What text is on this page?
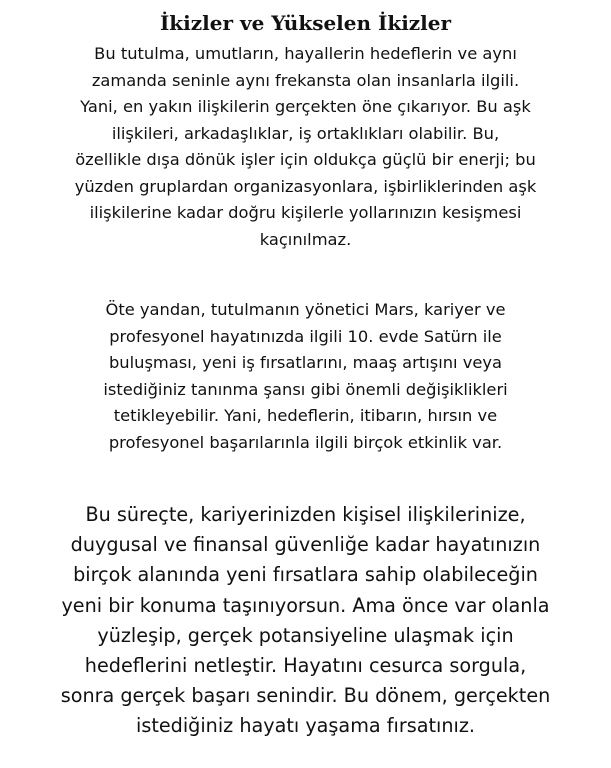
İkizler ve Yükselen İkizler
Bu tutulma, umutların, hayallerin hedeflerin ve aynı
zamanda seninle aynı frekansta olan insanlarla ilgili.
Yani, en yakın ilişkilerin gerçekten öne çıkarıyor. Bu aşk
ilişkileri, arkadaşlıklar, iş ortaklıkları olabilir. Bu,
özellikle dışa dönük işler için oldukça güçlü bir enerji; bu
yüzden gruplardan organizasyonlara, işbirliklerinden aşk
ilişkilerine kadar doğru kişilerle yollarınızın kesişmesi
kaçınılmaz.
Öte yandan, tutulmanın yönetici Mars, kariyer ve
profesyonel hayatınızda ilgili 10. evde Satürn ile
buluşması, yeni iş fırsatlarını, maaş artışını veya
istediğiniz tanınma şansı gibi önemli değişiklikleri
tetikleyebilir. Yani, hedeflerin, itibarın, hırsın ve
profesyonel başarılarınla ilgili birçok etkinlik var.
Bu süreçte, kariyerinizden kişisel ilişkilerinize,
duygusal ve finansal güvenliğe kadar hayatınızın
birçok alanında yeni fırsatlara sahip olabileceğin
yeni bir konuma taşınıyorsun. Ama önce var olanla
yüzleşip, gerçek potansiyeline ulaşmak için
hedeflerini netleştir. Hayatını cesurca sorgula,
sonra gerçek başarı senindir. Bu dönem, gerçekten
istediğiniz hayatı yaşama fırsatınız.
